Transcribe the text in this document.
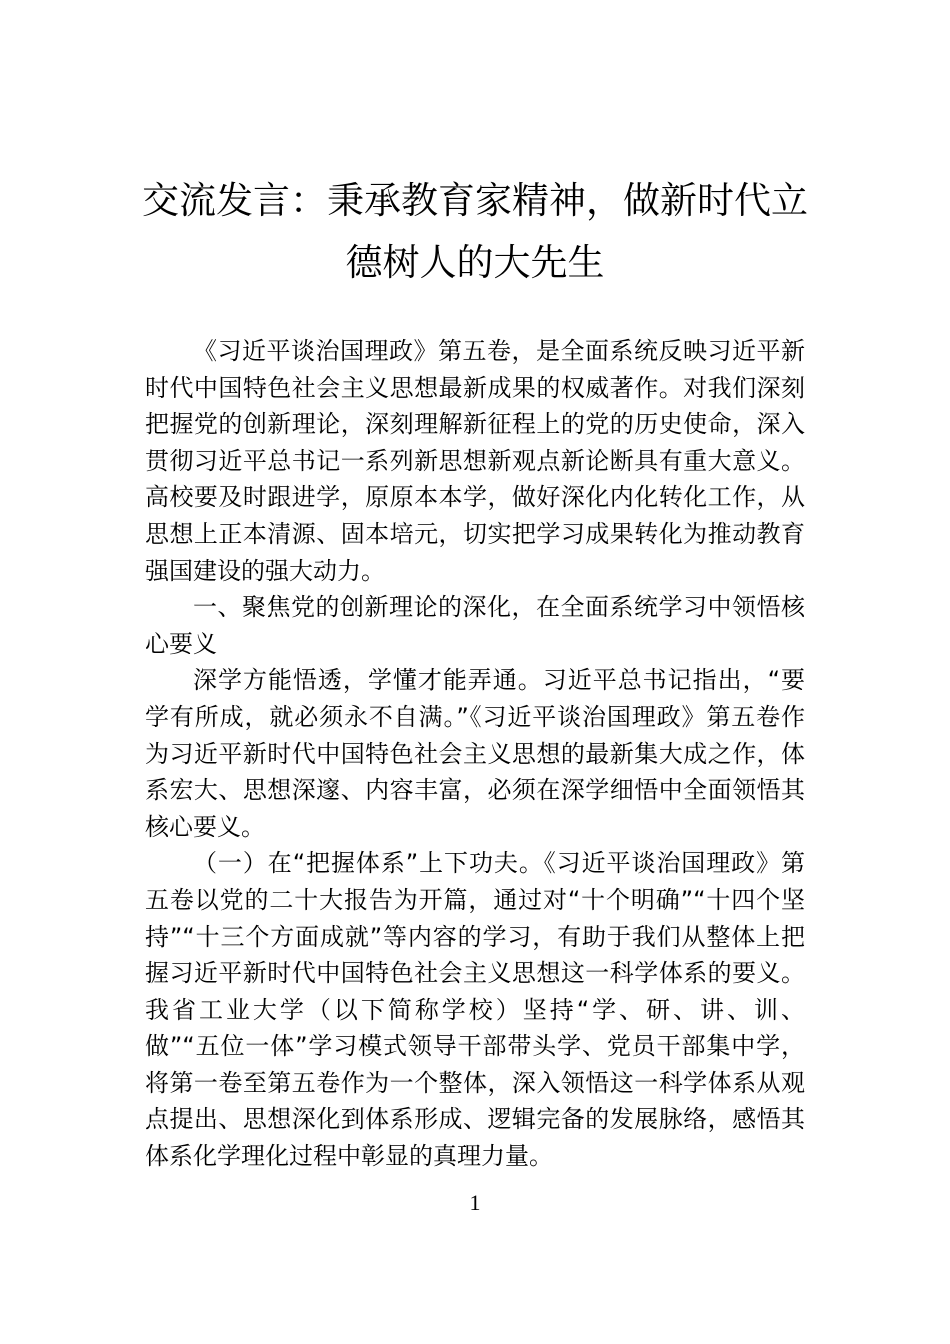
交流发言：秉承教育家精神，做新时代立
德树人的大先生

《习近平谈治国理政》第五卷，是全面系统反映习近平新时代中国特色社会主义思想最新成果的权威著作。对我们深刻把握党的创新理论，深刻理解新征程上的党的历史使命，深入贯彻习近平总书记一系列新思想新观点新论断具有重大意义。高校要及时跟进学，原原本本学，做好深化内化转化工作，从思想上正本清源、固本培元，切实把学习成果转化为推动教育强国建设的强大动力。

一、聚焦党的创新理论的深化，在全面系统学习中领悟核心要义

深学方能悟透，学懂才能弄通。习近平总书记指出，“要学有所成，就必须永不自满。”《习近平谈治国理政》第五卷作为习近平新时代中国特色社会主义思想的最新集大成之作，体系宏大、思想深邃、内容丰富，必须在深学细悟中全面领悟其核心要义。

（一）在“把握体系”上下功夫。《习近平谈治国理政》第五卷以党的二十大报告为开篇，通过对“十个明确”“十四个坚持”“十三个方面成就”等内容的学习，有助于我们从整体上把握习近平新时代中国特色社会主义思想这一科学体系的要义。我省工业大学（以下简称学校）坚持“学、研、讲、训、做”“五位一体”学习模式领导干部带头学、党员干部集中学，将第一卷至第五卷作为一个整体，深入领悟这一科学体系从观点提出、思想深化到体系形成、逻辑完备的发展脉络，感悟其体系化学理化过程中彰显的真理力量。

1
